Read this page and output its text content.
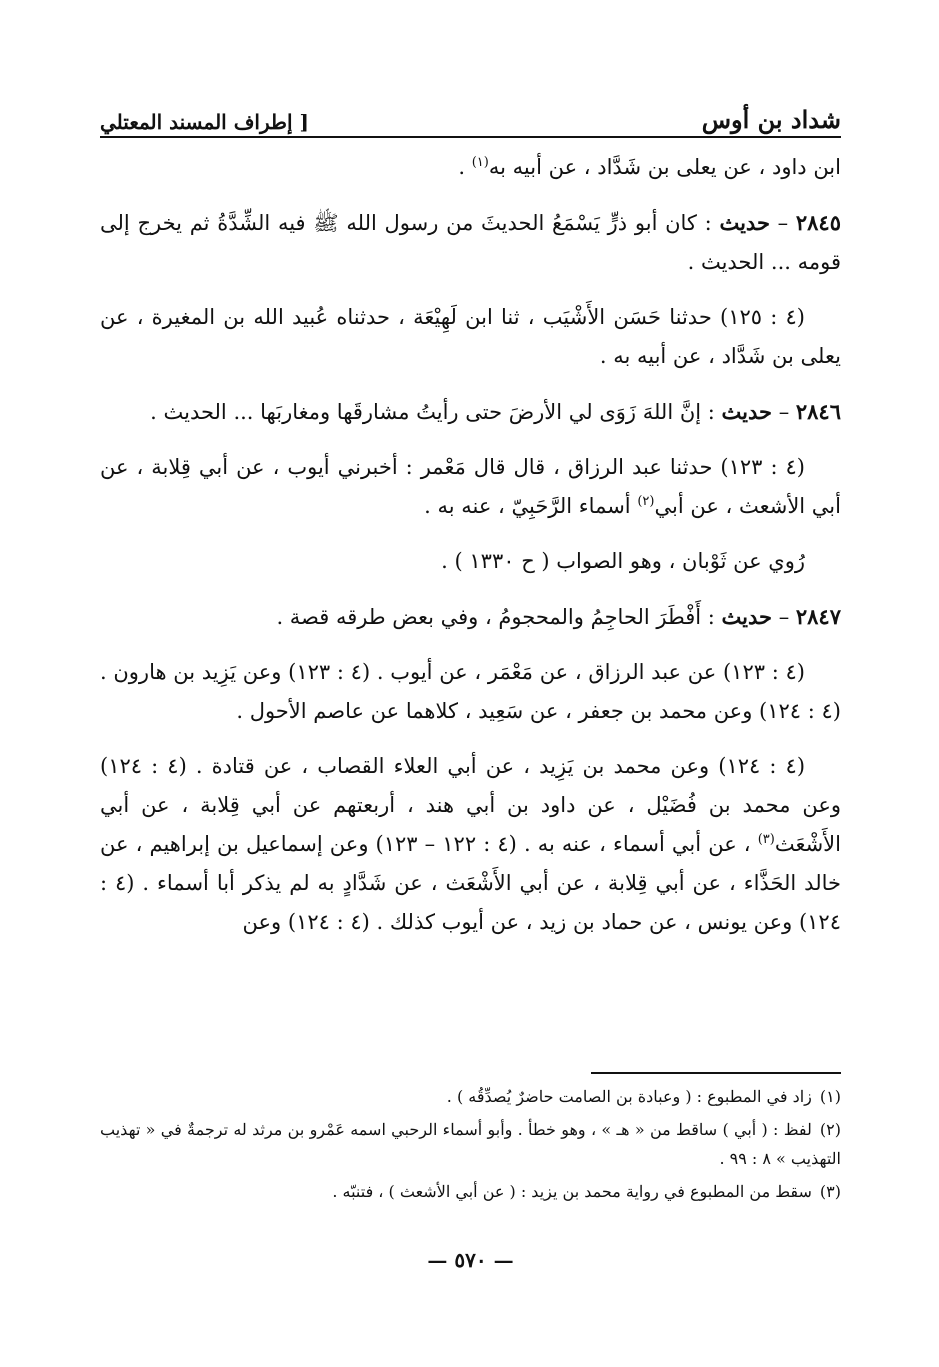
شداد بن أوس
[ إطراف المسند المعتلي

ابن داود ، عن يعلى بن شَدَّاد ، عن أبيه به$^{(١)}$ .

٢٨٤٥ – حديث : كان أبو ذرٍّ يَسْمَعُ الحديثَ من رسول الله ﷺ فيه الشِّدَّةُ ثم يخرج إلى قومه ... الحديث .

(٤ : ١٢٥) حدثنا حَسَن الأَشْيَب ، ثنا ابن لَهِيْعَة ، حدثناه عُبيد الله بن المغيرة ، عن يعلى بن شَدَّاد ، عن أبيه به .

٢٨٤٦ – حديث : إنَّ اللهَ زَوَى لي الأرضَ حتى رأيتُ مشارقَها ومغاربَها ... الحديث .

(٤ : ١٢٣) حدثنا عبد الرزاق ، قال قال مَعْمر : أخبرني أيوب ، عن أبي قِلابة ، عن أبي الأشعث ، عن أبي$^{(٢)}$ أسماء الرَّحَبِيّ ، عنه به .

رُوي عن ثَوْبان ، وهو الصواب ( ح ١٣٣٠ ) .

٢٨٤٧ – حديث : أَفْطَرَ الحاجِمُ والمحجومُ ، وفي بعض طرقه قصة .

(٤ : ١٢٣) عن عبد الرزاق ، عن مَعْمَر ، عن أيوب . (٤ : ١٢٣) وعن يَزِيد بن هارون . (٤ : ١٢٤) وعن محمد بن جعفر ، عن سَعِيد ، كلاهما عن عاصم الأحول .

(٤ : ١٢٤) وعن محمد بن يَزِيد ، عن أبي العلاء القصاب ، عن قتادة . (٤ : ١٢٤) وعن محمد بن فُضَيْل ، عن داود بن أبي هند ، أربعتهم عن أبي قِلابة ، عن أبي الأَشْعَث$^{(٣)}$ ، عن أبي أسماء ، عنه به . (٤ : ١٢٢ – ١٢٣) وعن إسماعيل بن إبراهيم ، عن خالد الحَذَّاء ، عن أبي قِلابة ، عن أبي الأَشْعَث ، عن شَدَّادٍ به لم يذكر أبا أسماء . (٤ : ١٢٤) وعن يونس ، عن حماد بن زيد ، عن أيوب كذلك . (٤ : ١٢٤) وعن

(١)زاد في المطبوع : ( وعبادة بن الصامت حاضرٌ يُصدِّقُه ) .

(٢)لفظ : ( أبي ) ساقط من « هـ » ، وهو خطأ . وأبو أسماء الرحبي اسمه عَمْرو بن مرثد له ترجمةٌ في « تهذيب التهذيب » ٨ : ٩٩ .

(٣)سقط من المطبوع في رواية محمد بن يزيد : ( عن أبي الأشعث ) ، فتنبّه .

— ٥٧٠ —
